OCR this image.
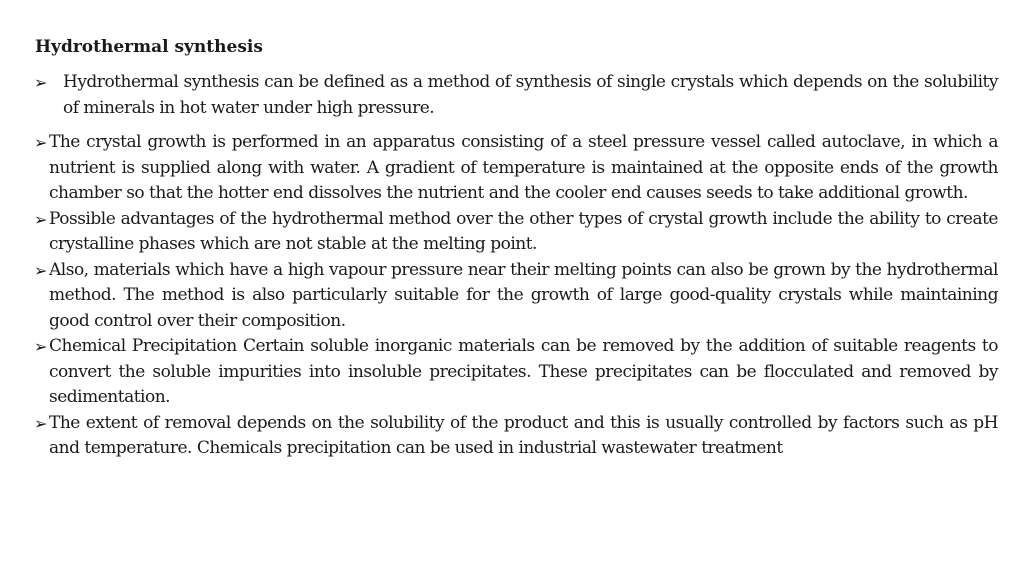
Hydrothermal synthesis
➢ Hydrothermal synthesis can be defined as a method of synthesis of single crystals which depends on the solubility of minerals in hot water under high pressure.
➢ The crystal growth is performed in an apparatus consisting of a steel pressure vessel called autoclave, in which a nutrient is supplied along with water. A gradient of temperature is maintained at the opposite ends of the growth chamber so that the hotter end dissolves the nutrient and the cooler end causes seeds to take additional growth.
➢ Possible advantages of the hydrothermal method over the other types of crystal growth include the ability to create crystalline phases which are not stable at the melting point.
➢ Also, materials which have a high vapour pressure near their melting points can also be grown by the hydrothermal method. The method is also particularly suitable for the growth of large good-quality crystals while maintaining good control over their composition.
➢ Chemical Precipitation Certain soluble inorganic materials can be removed by the addition of suitable reagents to convert the soluble impurities into insoluble precipitates. These precipitates can be flocculated and removed by sedimentation.
➢ The extent of removal depends on the solubility of the product and this is usually controlled by factors such as pH and temperature. Chemicals precipitation can be used in industrial wastewater treatment
